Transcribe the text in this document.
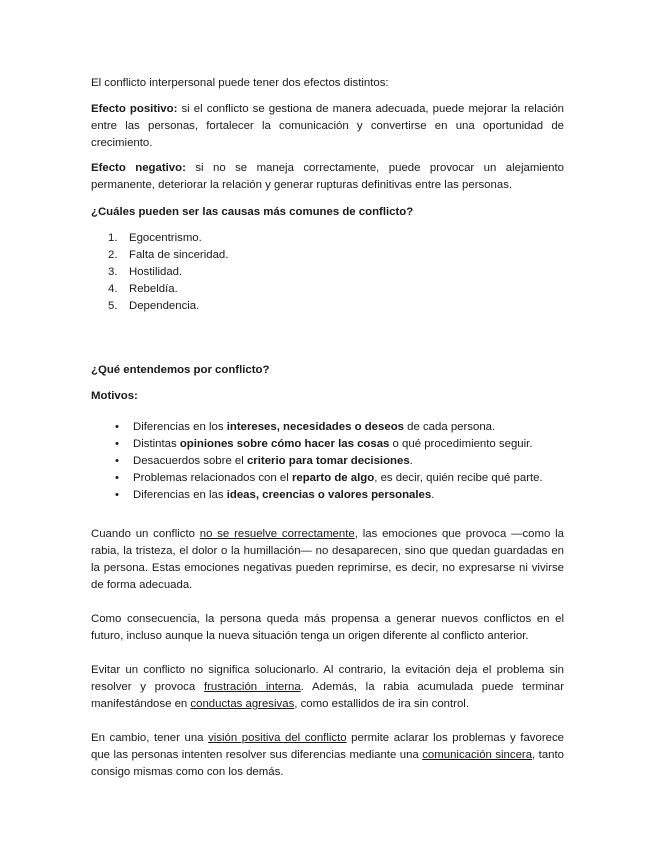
El conflicto interpersonal puede tener dos efectos distintos:

Efecto positivo: si el conflicto se gestiona de manera adecuada, puede mejorar la relación entre las personas, fortalecer la comunicación y convertirse en una oportunidad de crecimiento.

Efecto negativo: si no se maneja correctamente, puede provocar un alejamiento permanente, deteriorar la relación y generar rupturas definitivas entre las personas.

¿Cuáles pueden ser las causas más comunes de conflicto?

1. Egocentrismo.
2. Falta de sinceridad.
3. Hostilidad.
4. Rebeldía.
5. Dependencia.

¿Qué entendemos por conflicto?

Motivos:

• Diferencias en los intereses, necesidades o deseos de cada persona.
• Distintas opiniones sobre cómo hacer las cosas o qué procedimiento seguir.
• Desacuerdos sobre el criterio para tomar decisiones.
• Problemas relacionados con el reparto de algo, es decir, quién recibe qué parte.
• Diferencias en las ideas, creencias o valores personales.

Cuando un conflicto no se resuelve correctamente, las emociones que provoca —como la rabia, la tristeza, el dolor o la humillación— no desaparecen, sino que quedan guardadas en la persona. Estas emociones negativas pueden reprimirse, es decir, no expresarse ni vivirse de forma adecuada.

Como consecuencia, la persona queda más propensa a generar nuevos conflictos en el futuro, incluso aunque la nueva situación tenga un origen diferente al conflicto anterior.

Evitar un conflicto no significa solucionarlo. Al contrario, la evitación deja el problema sin resolver y provoca frustración interna. Además, la rabia acumulada puede terminar manifestándose en conductas agresivas, como estallidos de ira sin control.

En cambio, tener una visión positiva del conflicto permite aclarar los problemas y favorece que las personas intenten resolver sus diferencias mediante una comunicación sincera, tanto consigo mismas como con los demás.
